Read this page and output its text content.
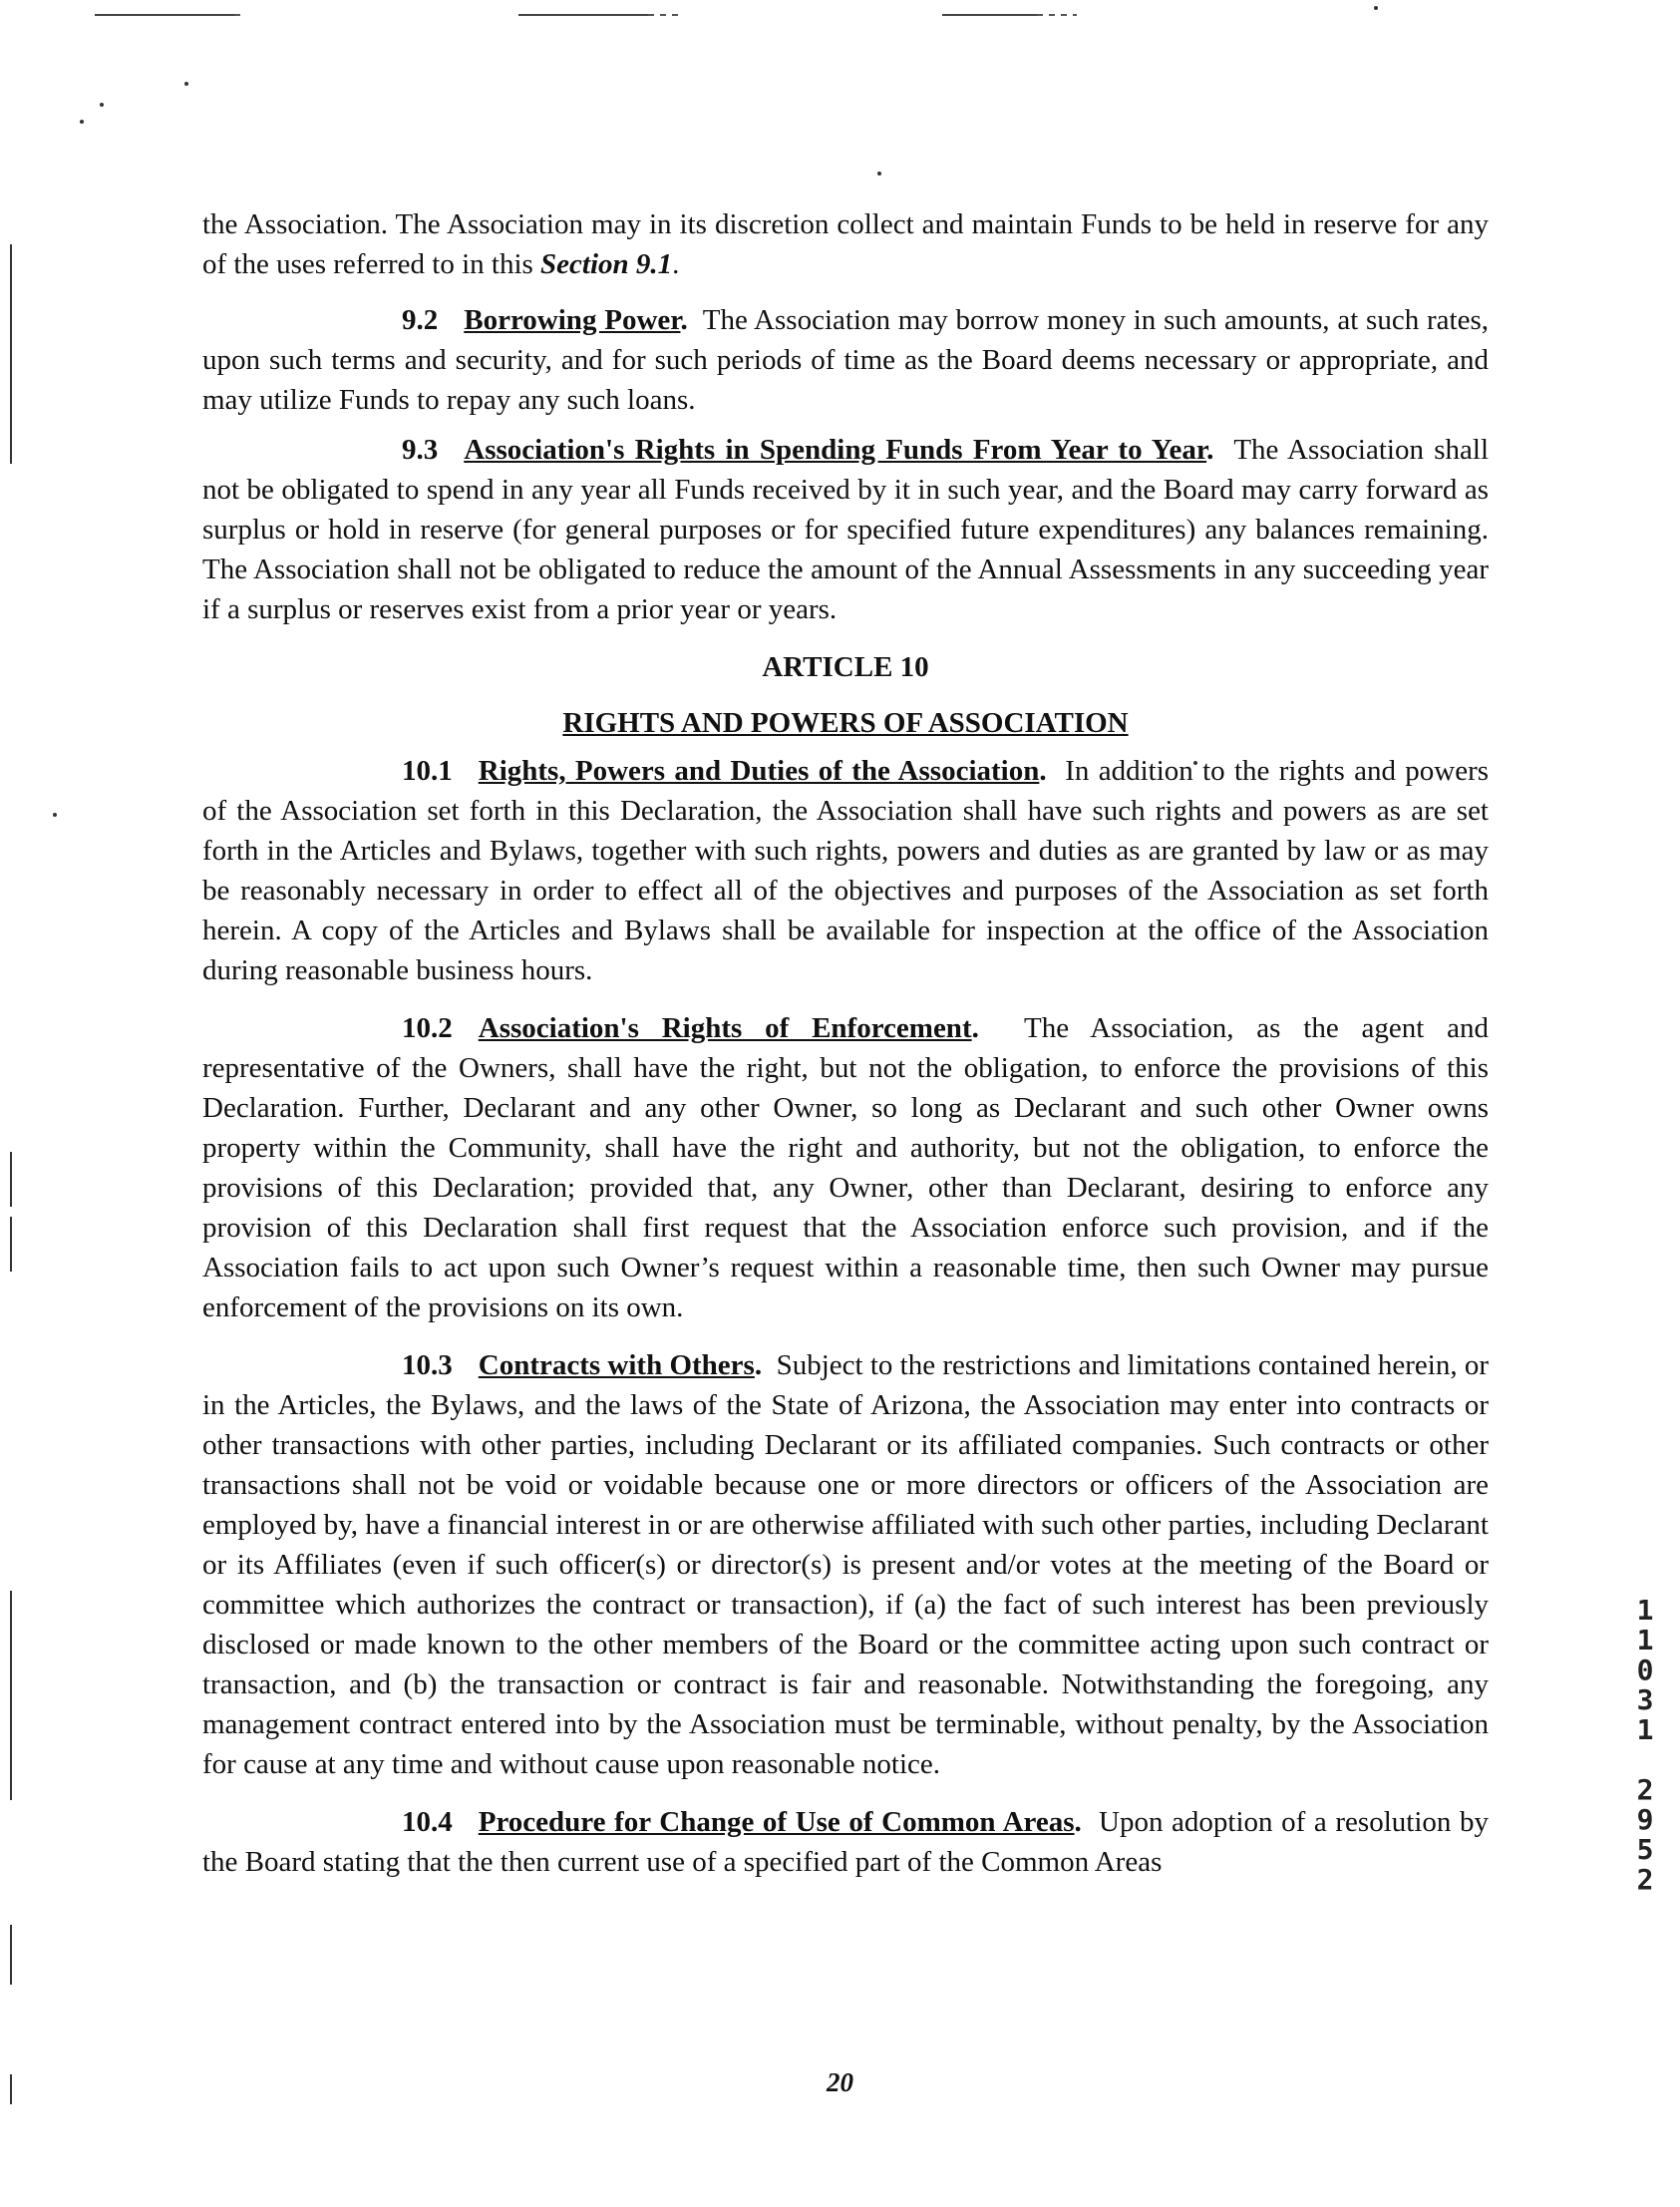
the Association. The Association may in its discretion collect and maintain Funds to be held in reserve for any of the uses referred to in this Section 9.1.

9.2 Borrowing Power. The Association may borrow money in such amounts, at such rates, upon such terms and security, and for such periods of time as the Board deems necessary or appropriate, and may utilize Funds to repay any such loans.

9.3 Association's Rights in Spending Funds From Year to Year. The Association shall not be obligated to spend in any year all Funds received by it in such year, and the Board may carry forward as surplus or hold in reserve (for general purposes or for specified future expenditures) any balances remaining. The Association shall not be obligated to reduce the amount of the Annual Assessments in any succeeding year if a surplus or reserves exist from a prior year or years.

ARTICLE 10

RIGHTS AND POWERS OF ASSOCIATION

10.1 Rights, Powers and Duties of the Association. In addition to the rights and powers of the Association set forth in this Declaration, the Association shall have such rights and powers as are set forth in the Articles and Bylaws, together with such rights, powers and duties as are granted by law or as may be reasonably necessary in order to effect all of the objectives and purposes of the Association as set forth herein. A copy of the Articles and Bylaws shall be available for inspection at the office of the Association during reasonable business hours.

10.2 Association's Rights of Enforcement. The Association, as the agent and representative of the Owners, shall have the right, but not the obligation, to enforce the provisions of this Declaration. Further, Declarant and any other Owner, so long as Declarant and such other Owner owns property within the Community, shall have the right and authority, but not the obligation, to enforce the provisions of this Declaration; provided that, any Owner, other than Declarant, desiring to enforce any provision of this Declaration shall first request that the Association enforce such provision, and if the Association fails to act upon such Owner’s request within a reasonable time, then such Owner may pursue enforcement of the provisions on its own.

10.3 Contracts with Others. Subject to the restrictions and limitations contained herein, or in the Articles, the Bylaws, and the laws of the State of Arizona, the Association may enter into contracts or other transactions with other parties, including Declarant or its affiliated companies. Such contracts or other transactions shall not be void or voidable because one or more directors or officers of the Association are employed by, have a financial interest in or are otherwise affiliated with such other parties, including Declarant or its Affiliates (even if such officer(s) or director(s) is present and/or votes at the meeting of the Board or committee which authorizes the contract or transaction), if (a) the fact of such interest has been previously disclosed or made known to the other members of the Board or the committee acting upon such contract or transaction, and (b) the transaction or contract is fair and reasonable. Notwithstanding the foregoing, any management contract entered into by the Association must be terminable, without penalty, by the Association for cause at any time and without cause upon reasonable notice.

10.4 Procedure for Change of Use of Common Areas. Upon adoption of a resolution by the Board stating that the then current use of a specified part of the Common Areas

20
1
1
0
3
1
2
9
5
2
